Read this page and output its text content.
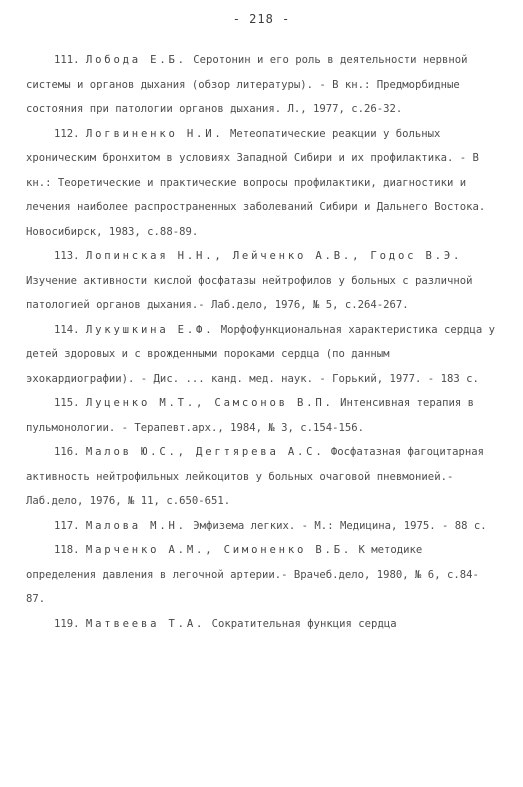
- 218 -

111. Лобода Е.Б. Серотонин и его роль в деятельности нервной системы и органов дыхания (обзор литературы). - В кн.: Предморбидные состояния при патологии органов дыхания. Л., 1977, с.26-32.

112. Логвиненко Н.И. Метеопатические реакции у больных хроническим бронхитом в условиях Западной Сибири и их профилактика. - В кн.: Теоретические и практические вопросы профилактики, диагностики и лечения наиболее распространенных заболеваний Сибири и Дальнего Востока. Новосибирск, 1983, с.88-89.

113. Лопинская Н.Н., Лейченко А.В., Годос В.Э. Изучение активности кислой фосфатазы нейтрофилов у больных с различной патологией органов дыхания.- Лаб.дело, 1976, № 5, с.264-267.

114. Лукушкина Е.Ф. Морфофункциональная характеристика сердца у детей здоровых и с врожденными пороками сердца (по данным эхокардиографии). - Дис. ... канд. мед. наук. - Горький, 1977. - 183 с.

115. Луценко М.Т., Самсонов В.П. Интенсивная терапия в пульмонологии. - Терапевт.арх., 1984, № 3, с.154-156.

116. Малов Ю.С., Дегтярева А.С. Фосфатазная фагоцитарная активность нейтрофильных лейкоцитов у больных очаговой пневмонией.- Лаб.дело, 1976, № 11, с.650-651.

117. Малова М.Н. Эмфизема легких. - М.: Медицина, 1975. - 88 с.

118. Марченко А.М., Симоненко В.Б. К методике определения давления в легочной артерии.- Врачеб.дело, 1980, № 6, с.84-87.

119. Матвеева Т.А. Сократительная функция сердца
